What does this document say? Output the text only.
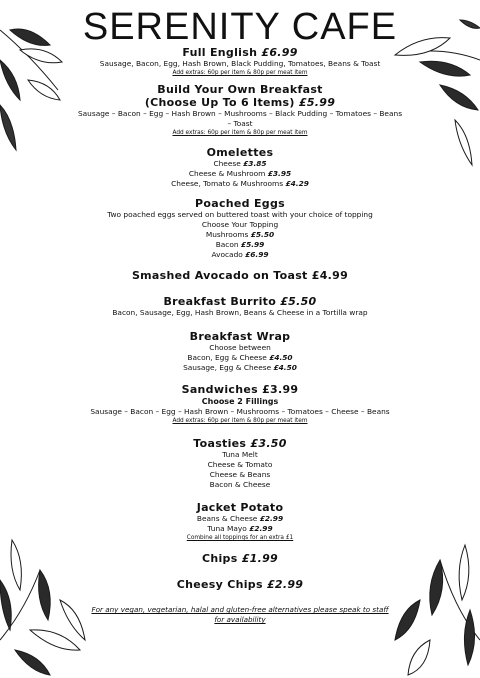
SERENITY CAFE
Full English £6.99
Sausage, Bacon, Egg, Hash Brown, Black Pudding, Tomatoes, Beans & Toast
Add extras: 60p per item & 80p per meat item
Build Your Own Breakfast
(Choose Up To 6 Items) £5.99
Sausage – Bacon – Egg – Hash Brown – Mushrooms – Black Pudding – Tomatoes – Beans – Toast
Add extras: 60p per item & 80p per meat item
Omelettes
Cheese £3.85
Cheese & Mushroom £3.95
Cheese, Tomato & Mushrooms £4.29
Poached Eggs
Two poached eggs served on buttered toast with your choice of topping
Choose Your Topping
Mushrooms £5.50
Bacon £5.99
Avocado £6.99
Smashed Avocado on Toast £4.99
Breakfast Burrito £5.50
Bacon, Sausage, Egg, Hash Brown, Beans & Cheese in a Tortilla wrap
Breakfast Wrap
Choose between
Bacon, Egg & Cheese £4.50
Sausage, Egg & Cheese £4.50
Sandwiches £3.99
Choose 2 Fillings
Sausage – Bacon – Egg – Hash Brown – Mushrooms – Tomatoes – Cheese – Beans
Add extras: 60p per item & 80p per meat item
Toasties £3.50
Tuna Melt
Cheese & Tomato
Cheese & Beans
Bacon & Cheese
Jacket Potato
Beans & Cheese £2.99
Tuna Mayo £2.99
Combine all toppings for an extra £1
Chips £1.99
Cheesy Chips £2.99
For any vegan, vegetarian, halal and gluten-free alternatives please speak to staff for availability
